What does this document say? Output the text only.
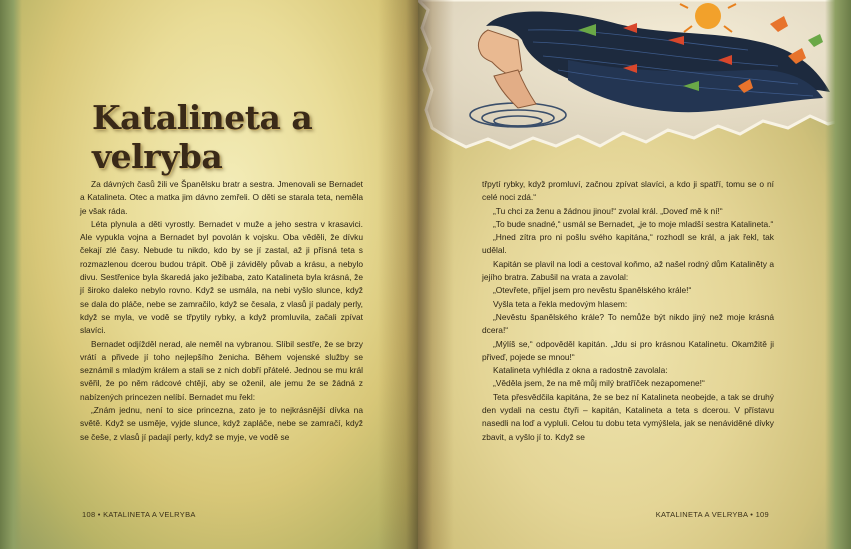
Katalineta a velryba

Za dávných časů žili ve Španělsku bratr a sestra. Jmenovali se Bernadet a Katalineta. Otec a matka jim dávno zemřeli. O děti se starala teta, neměla je však ráda.

Léta plynula a děti vyrostly. Bernadet v muže a jeho sestra v krasavici. Ale vypukla vojna a Bernadet byl povolán k vojsku. Oba věděli, že dívku čekají zlé časy. Nebude tu nikdo, kdo by se jí zastal, až ji přísná teta s rozmazlenou dcerou budou trápit. Obě ji záviděly půvab a krásu, a nebylo divu. Sestřenice byla škaredá jako ježibaba, zato Katalineta byla krásná, že jí široko daleko nebylo rovno. Když se usmála, na nebi vyšlo slunce, když se dala do pláče, nebe se zamračilo, když se česala, z vlasů jí padaly perly, když se myla, ve vodě se třpytily rybky, a když promluvila, začali zpívat slavíci.

Bernadet odjížděl nerad, ale neměl na vybranou. Slíbil sestře, že se brzy vrátí a přivede jí toho nejlepšího ženicha. Během vojenské služby se seznámil s mladým králem a stali se z nich dobří přátelé. Jednou se mu král svěřil, že po něm rádcové chtějí, aby se oženil, ale jemu že se žádná z nabízených princezen nelíbí. Bernadet mu řekl:

„Znám jednu, není to sice princezna, zato je to nejkrásnější dívka na světě. Když se usměje, vyjde slunce, když zapláče, nebe se zamračí, když se češe, z vlasů jí padají perly, když se myje, ve vodě se

108 • KATALINETA A VELRYBA

třpytí rybky, když promluví, začnou zpívat slavíci, a kdo ji spatří, tomu se o ní celé noci zdá.“

„Tu chci za ženu a žádnou jinou!“ zvolal král. „Doveď mě k ní!“

„To bude snadné,“ usmál se Bernadet, „je to moje mladší sestra Katalineta.“

„Hned zítra pro ni pošlu svého kapitána,“ rozhodl se král, a jak řekl, tak udělal.

Kapitán se plavil na lodi a cestoval koňmo, až našel rodný dům Kataliněty a jejího bratra. Zabušil na vrata a zavolal:

„Otevřete, přijel jsem pro nevěstu španělského krále!“

Vyšla teta a řekla medovým hlasem:

„Nevěstu španělského krále? To nemůže být nikdo jiný než moje krásná dcera!“

„Mýlíš se,“ odpověděl kapitán. „Jdu si pro krásnou Katalinetu. Okamžitě ji přiveď, pojede se mnou!“

Katalineta vyhlédla z okna a radostně zavolala:

„Věděla jsem, že na mě můj milý bratříček nezapomene!“

Teta přesvědčila kapitána, že se bez ní Katalineta neobejde, a tak se druhý den vydali na cestu čtyři – kapitán, Katalineta a teta s dcerou. V přístavu nasedli na loď a vypluli. Celou tu dobu teta vymýšlela, jak se nenáviděné dívky zbavit, a vyšlo jí to. Když se

KATALINETA A VELRYBA • 109
